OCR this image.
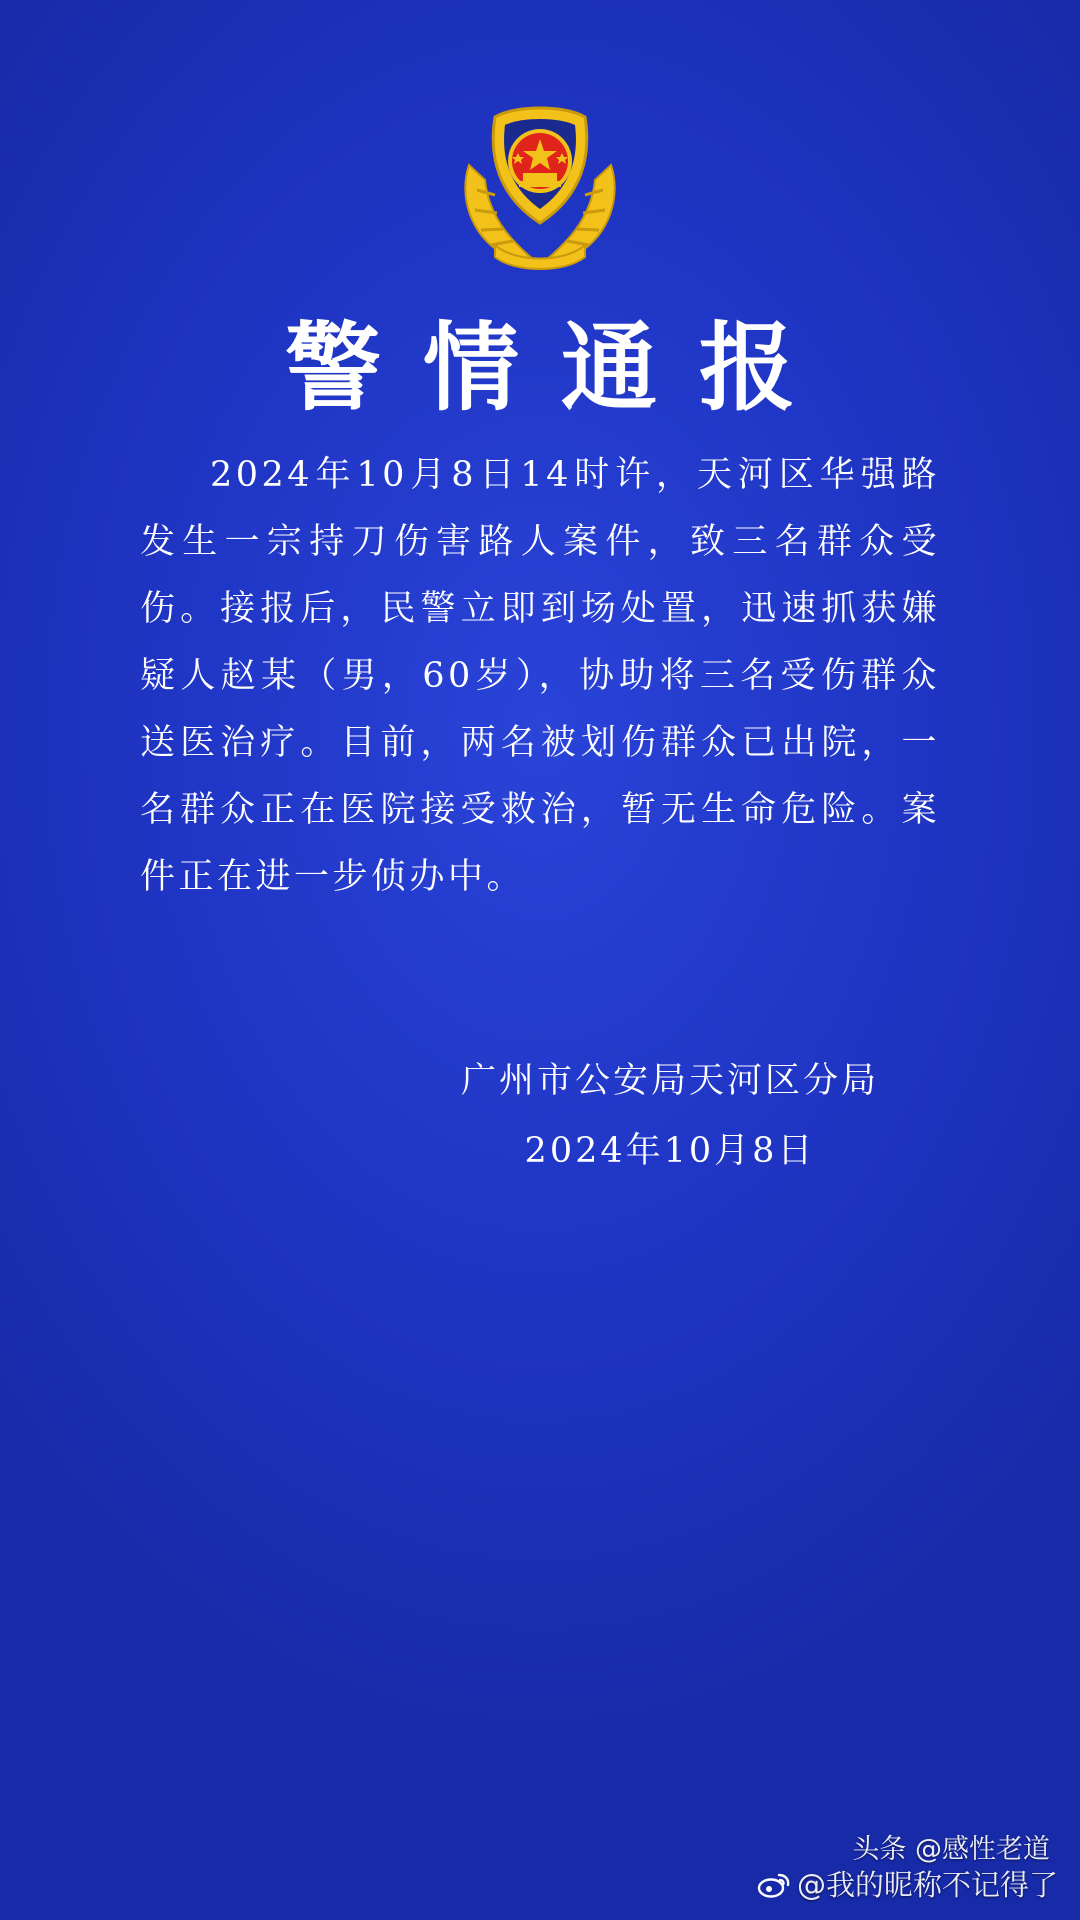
警情通报
2024年10月8日14时许，天河区华强路发生一宗持刀伤害路人案件，致三名群众受伤。接报后，民警立即到场处置，迅速抓获嫌疑人赵某（男，60岁），协助将三名受伤群众送医治疗。目前，两名被划伤群众已出院，一名群众正在医院接受救治，暂无生命危险。案件正在进一步侦办中。
广州市公安局天河区分局
2024年10月8日
头条 @感性老道
@我的昵称不记得了
